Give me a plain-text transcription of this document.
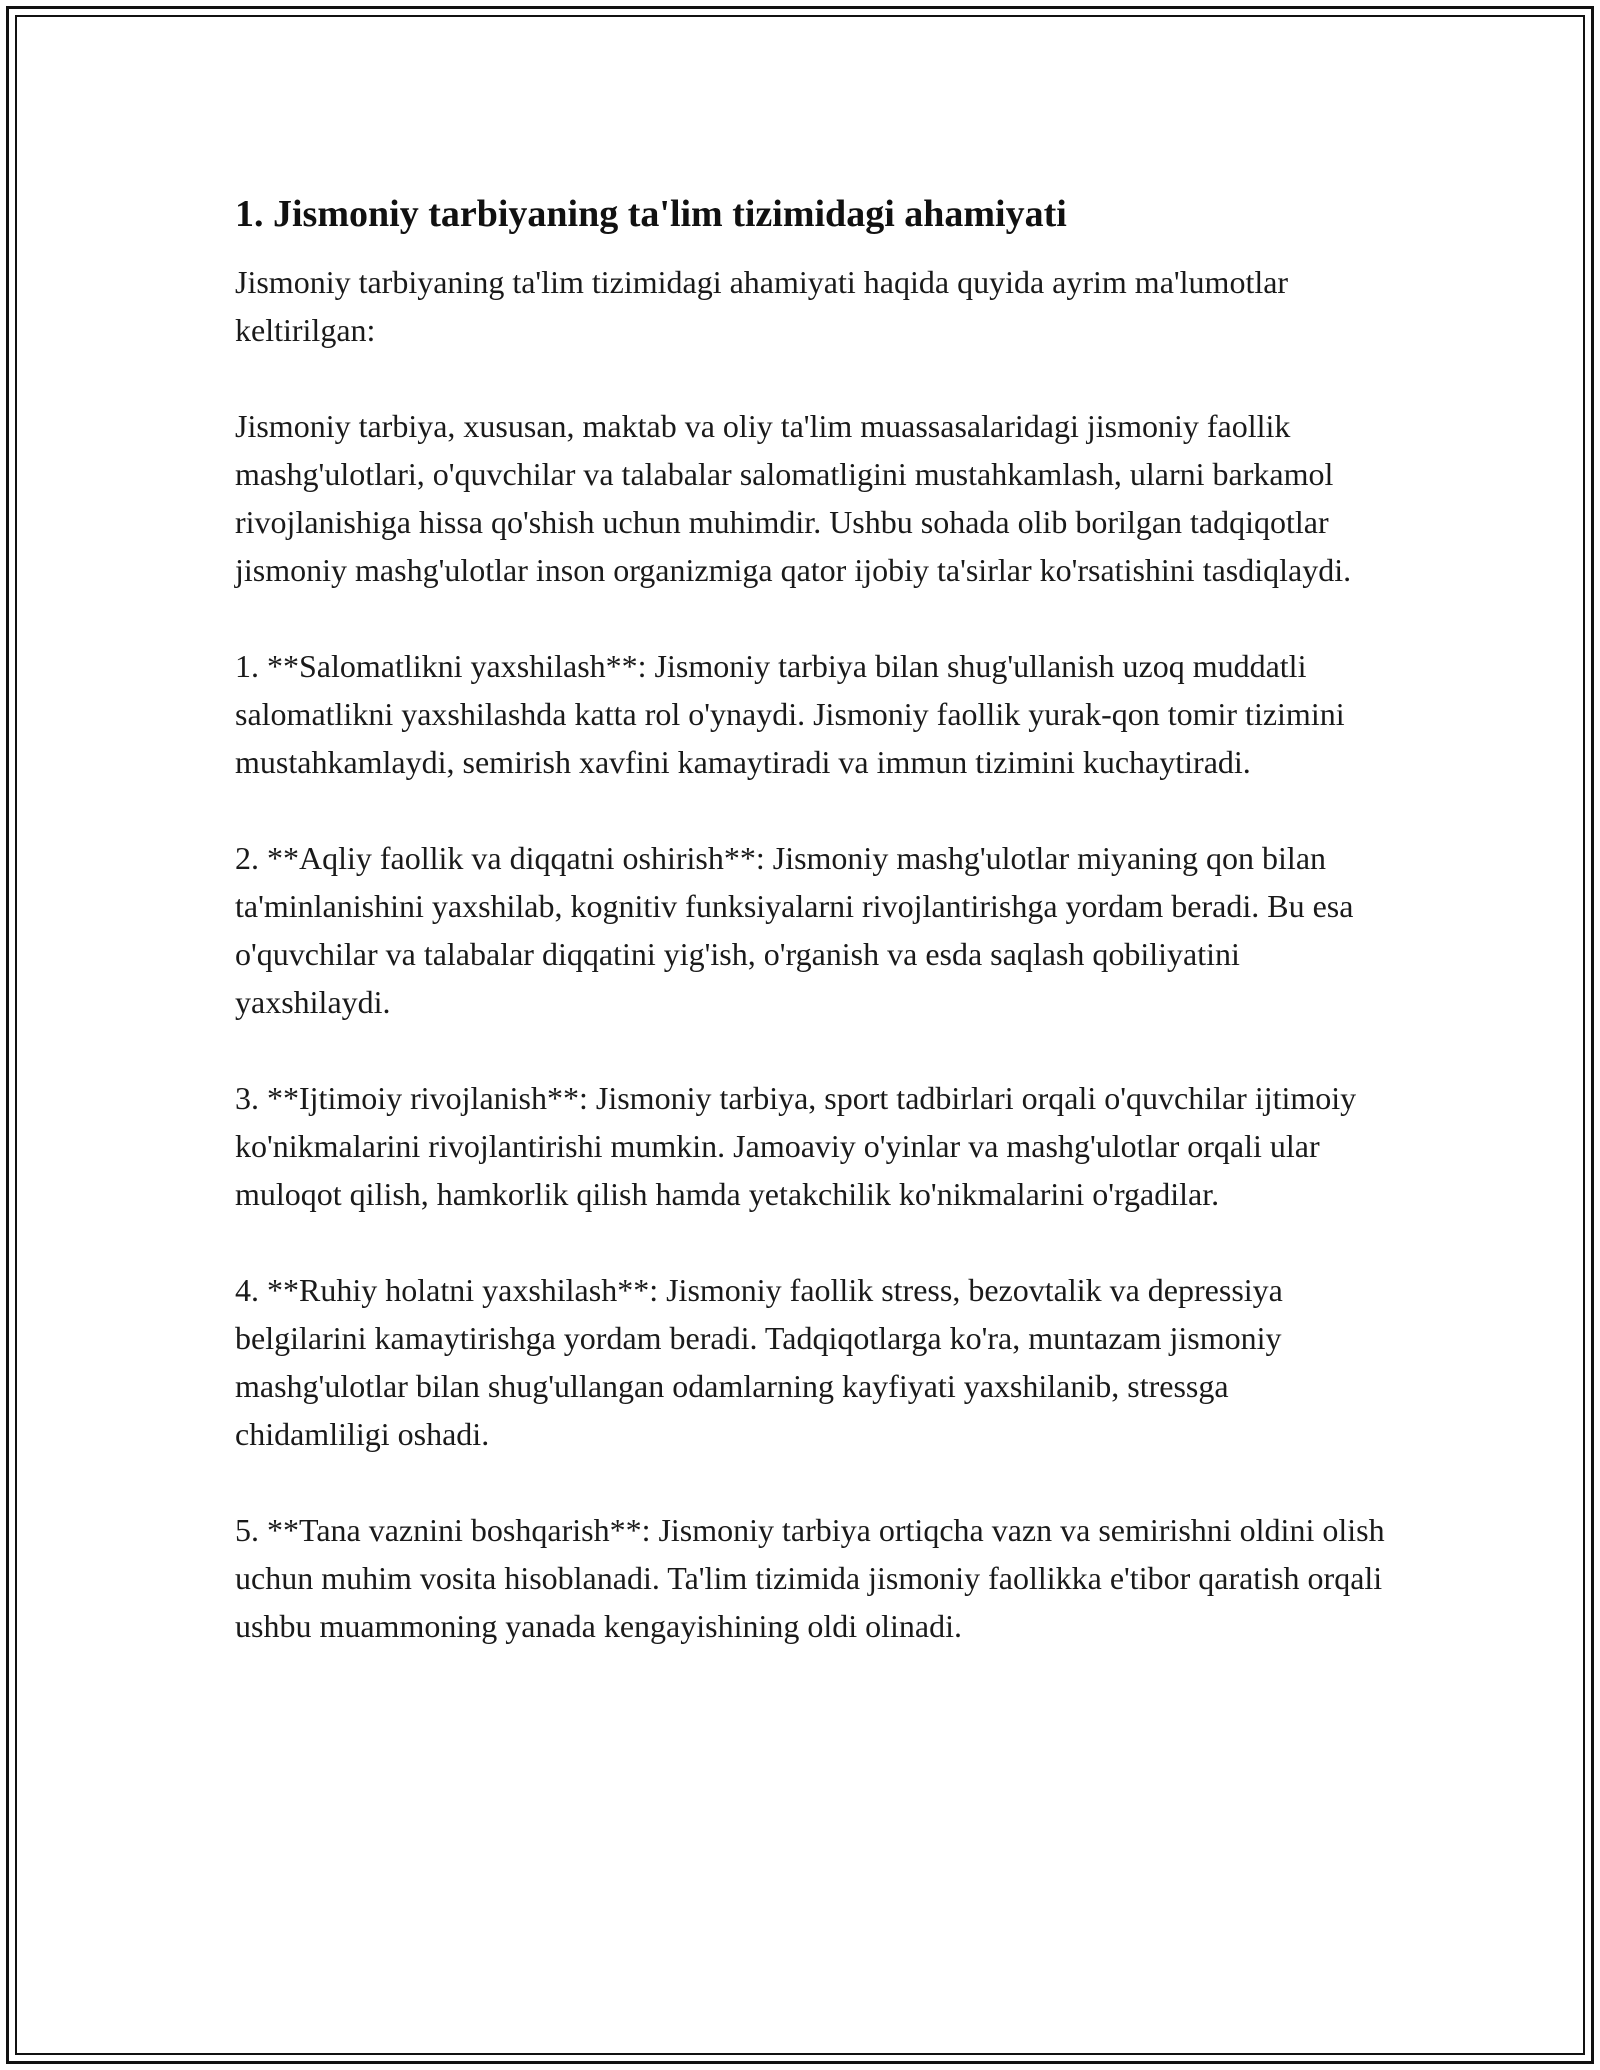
1. Jismoniy tarbiyaning ta'lim tizimidagi ahamiyati

Jismoniy tarbiyaning ta'lim tizimidagi ahamiyati haqida quyida ayrim ma'lumotlar keltirilgan:

Jismoniy tarbiya, xususan, maktab va oliy ta'lim muassasalaridagi jismoniy faollik mashg'ulotlari, o'quvchilar va talabalar salomatligini mustahkamlash, ularni barkamol rivojlanishiga hissa qo'shish uchun muhimdir. Ushbu sohada olib borilgan tadqiqotlar jismoniy mashg'ulotlar inson organizmiga qator ijobiy ta'sirlar ko'rsatishini tasdiqlaydi.

1. **Salomatlikni yaxshilash**: Jismoniy tarbiya bilan shug'ullanish uzoq muddatli salomatlikni yaxshilashda katta rol o'ynaydi. Jismoniy faollik yurak-qon tomir tizimini mustahkamlaydi, semirish xavfini kamaytiradi va immun tizimini kuchaytiradi.

2. **Aqliy faollik va diqqatni oshirish**: Jismoniy mashg'ulotlar miyaning qon bilan ta'minlanishini yaxshilab, kognitiv funksiyalarni rivojlantirishga yordam beradi. Bu esa o'quvchilar va talabalar diqqatini yig'ish, o'rganish va esda saqlash qobiliyatini yaxshilaydi.

3. **Ijtimoiy rivojlanish**: Jismoniy tarbiya, sport tadbirlari orqali o'quvchilar ijtimoiy ko'nikmalarini rivojlantirishi mumkin. Jamoaviy o'yinlar va mashg'ulotlar orqali ular muloqot qilish, hamkorlik qilish hamda yetakchilik ko'nikmalarini o'rgadilar.

4. **Ruhiy holatni yaxshilash**: Jismoniy faollik stress, bezovtalik va depressiya belgilarini kamaytirishga yordam beradi. Tadqiqotlarga ko'ra, muntazam jismoniy mashg'ulotlar bilan shug'ullangan odamlarning kayfiyati yaxshilanib, stressga chidamliligi oshadi.

5. **Tana vaznini boshqarish**: Jismoniy tarbiya ortiqcha vazn va semirishni oldini olish uchun muhim vosita hisoblanadi. Ta'lim tizimida jismoniy faollikka e'tibor qaratish orqali ushbu muammoning yanada kengayishining oldi olinadi.
